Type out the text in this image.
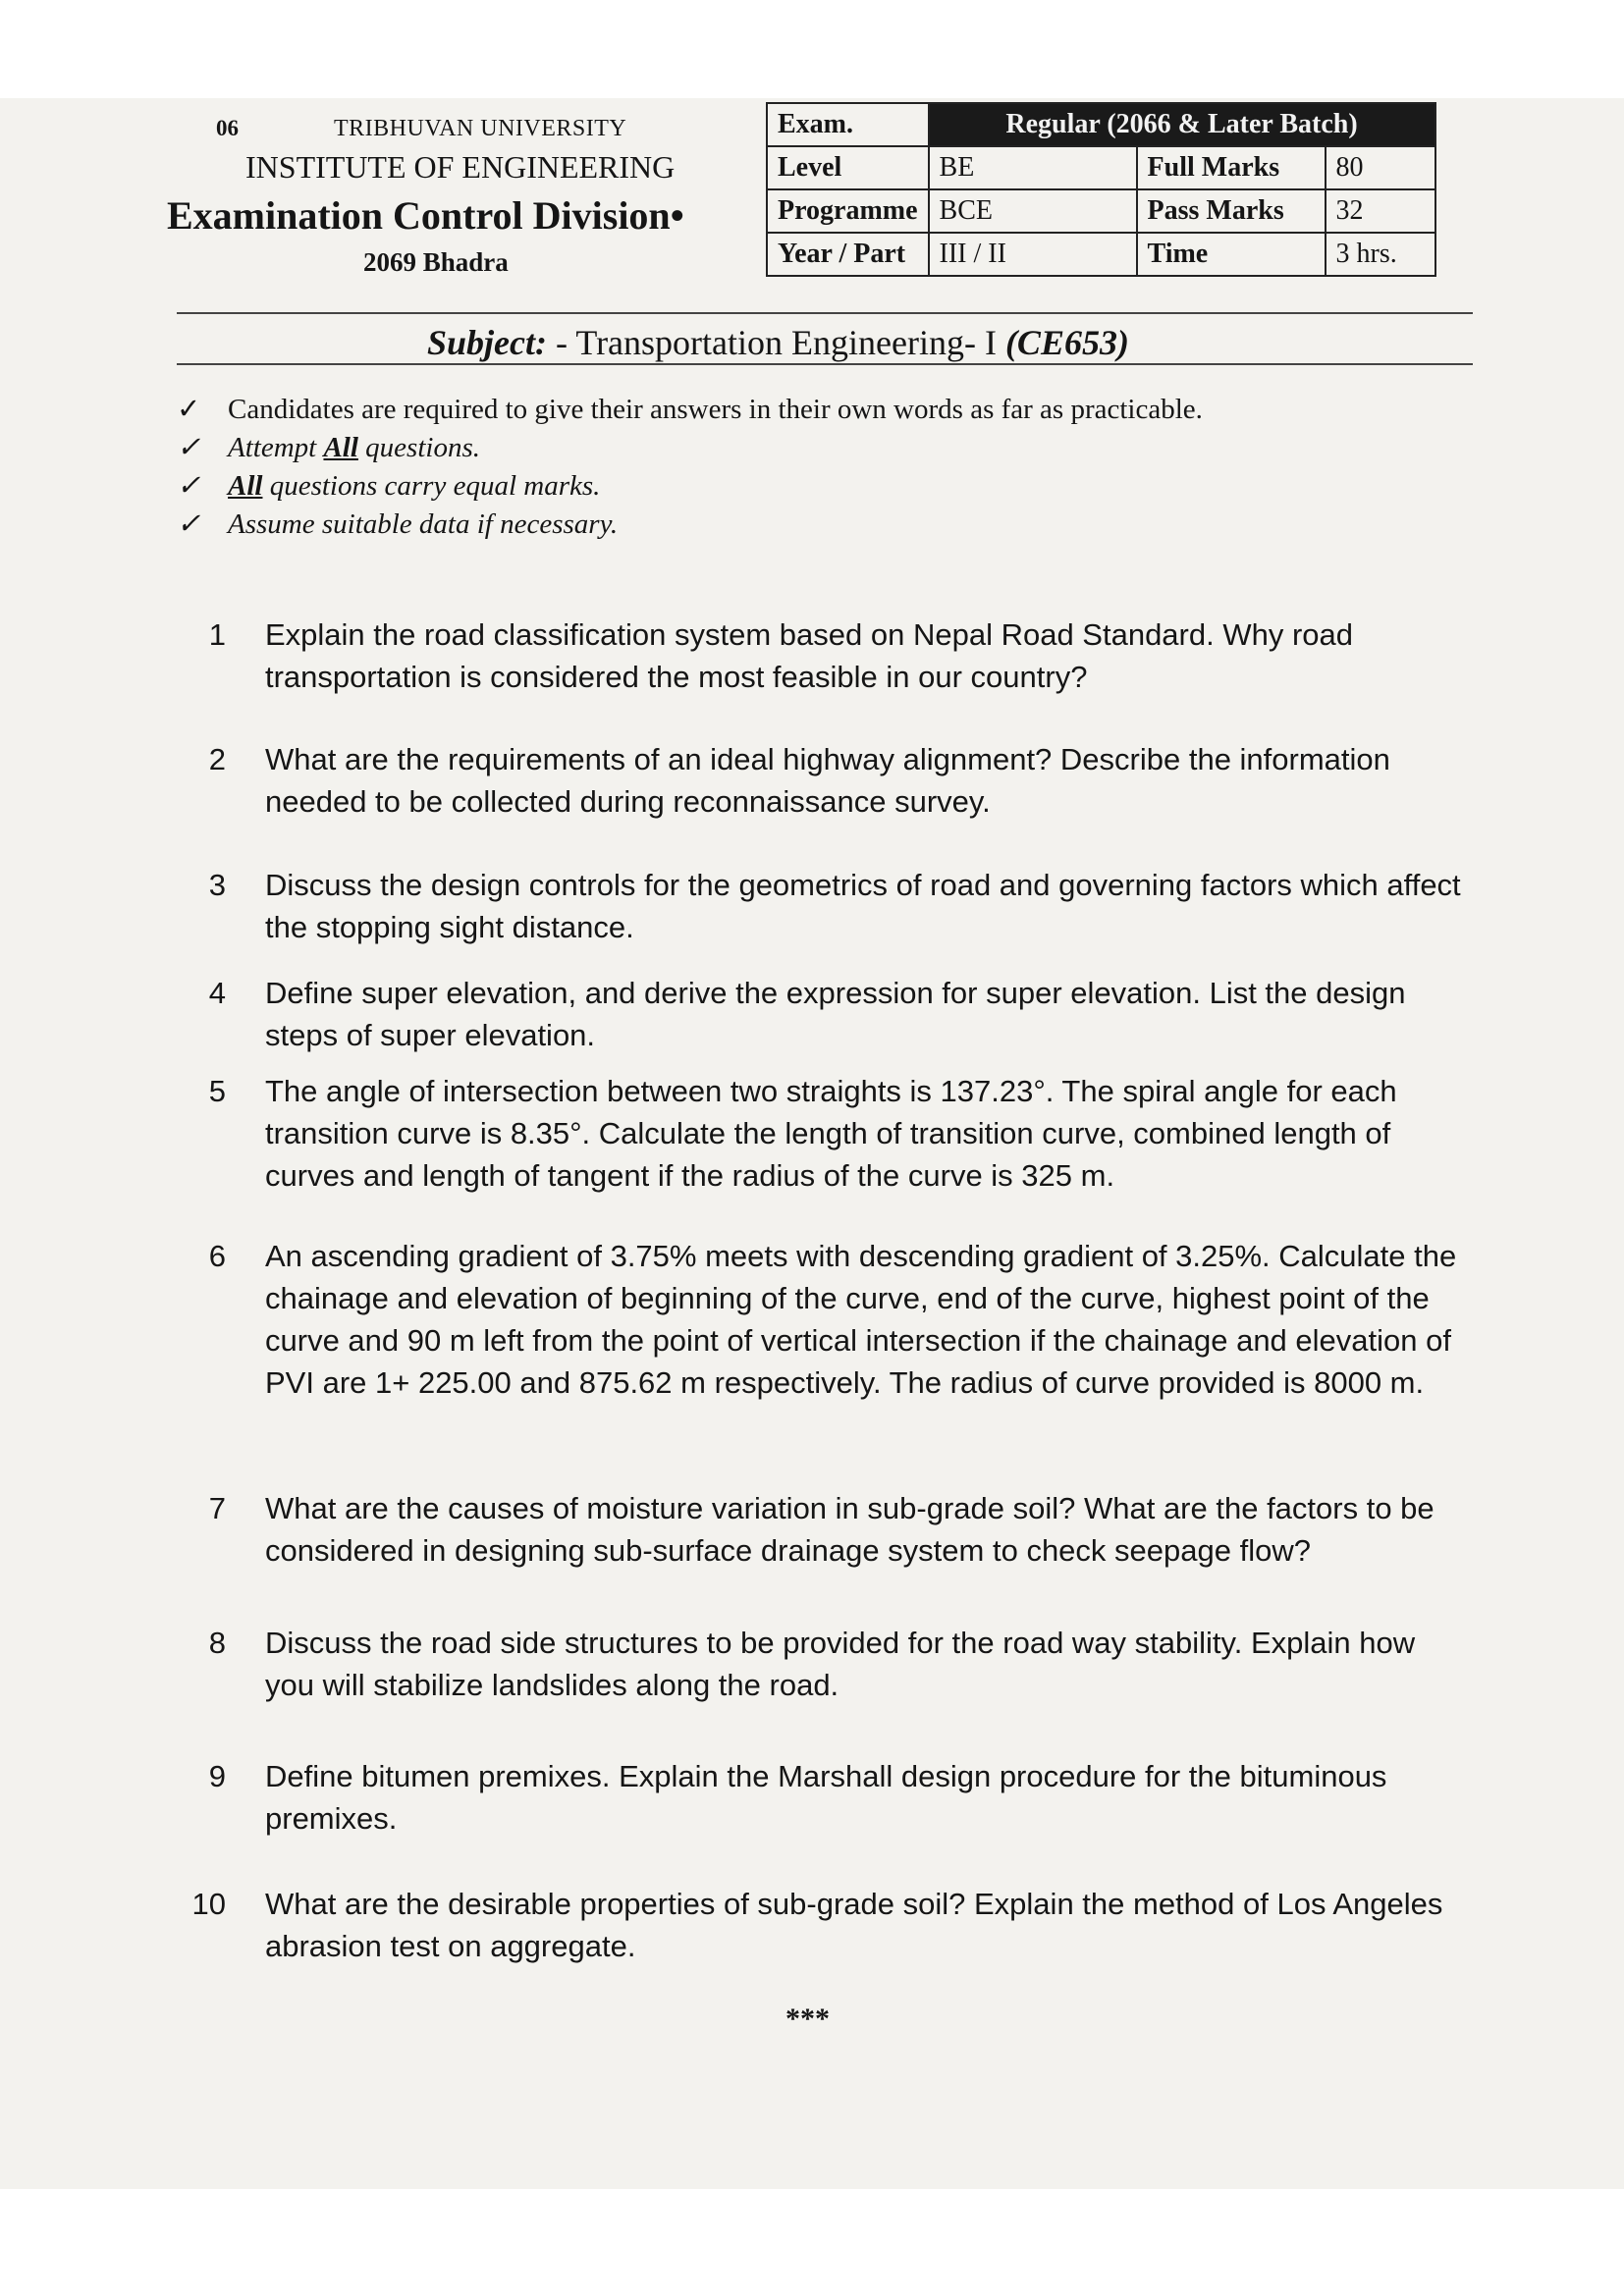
06	TRIBHUVAN UNIVERSITY
INSTITUTE OF ENGINEERING
Examination Control Division•
2069 Bhadra
Exam.	Regular (2066 & Later Batch)		
Level	BE	Full Marks	80
Programme	BCE	Pass Marks	32
Year / Part	III / II	Time	3 hrs.
Subject: - Transportation Engineering- I (CE653)
✓ Candidates are required to give their answers in their own words as far as practicable.
✓ Attempt All questions.
✓ All questions carry equal marks.
✓ Assume suitable data if necessary.
1 Explain the road classification system based on Nepal Road Standard. Why road transportation is considered the most feasible in our country?
2 What are the requirements of an ideal highway alignment? Describe the information needed to be collected during reconnaissance survey.
3 Discuss the design controls for the geometrics of road and governing factors which affect the stopping sight distance.
4 Define super elevation, and derive the expression for super elevation. List the design steps of super elevation.
5 The angle of intersection between two straights is 137.23°. The spiral angle for each transition curve is 8.35°. Calculate the length of transition curve, combined length of curves and length of tangent if the radius of the curve is 325 m.
6 An ascending gradient of 3.75% meets with descending gradient of 3.25%. Calculate the chainage and elevation of beginning of the curve, end of the curve, highest point of the curve and 90 m left from the point of vertical intersection if the chainage and elevation of PVI are 1+ 225.00 and 875.62 m respectively. The radius of curve provided is 8000 m.
7 What are the causes of moisture variation in sub-grade soil? What are the factors to be considered in designing sub-surface drainage system to check seepage flow?
8 Discuss the road side structures to be provided for the road way stability. Explain how you will stabilize landslides along the road.
9 Define bitumen premixes. Explain the Marshall design procedure for the bituminous premixes.
10 What are the desirable properties of sub-grade soil? Explain the method of Los Angeles abrasion test on aggregate.
***
